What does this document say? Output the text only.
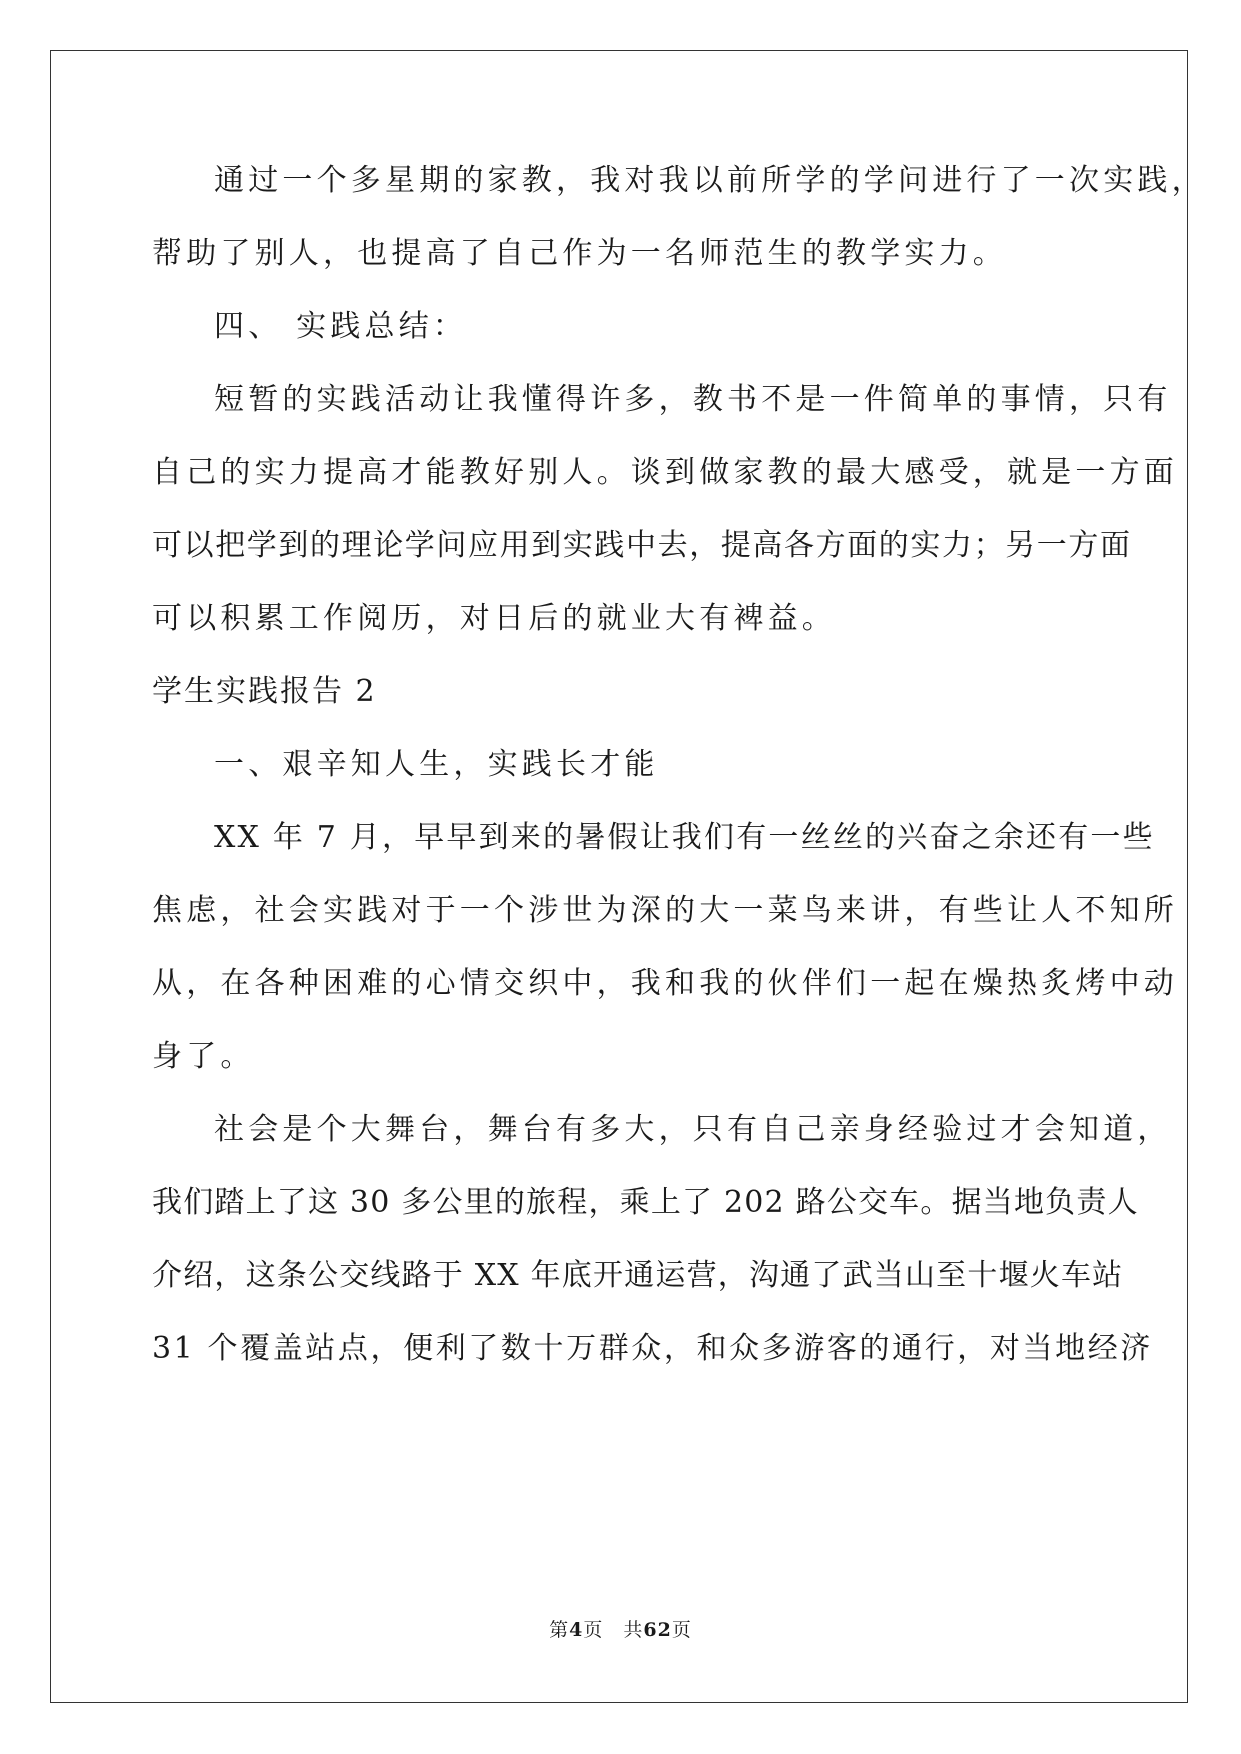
通过一个多星期的家教，我对我以前所学的学问进行了一次实践，
帮助了别人，也提高了自己作为一名师范生的教学实力。
四、 实践总结：
短暂的实践活动让我懂得许多，教书不是一件简单的事情，只有
自己的实力提高才能教好别人。谈到做家教的最大感受，就是一方面
可以把学到的理论学问应用到实践中去，提高各方面的实力；另一方面
可以积累工作阅历，对日后的就业大有裨益。
学生实践报告 2
一、艰辛知人生，实践长才能
XX 年 7 月，早早到来的暑假让我们有一丝丝的兴奋之余还有一些
焦虑，社会实践对于一个涉世为深的大一菜鸟来讲，有些让人不知所
从，在各种困难的心情交织中，我和我的伙伴们一起在燥热炙烤中动
身了。
社会是个大舞台，舞台有多大，只有自己亲身经验过才会知道，
我们踏上了这 30 多公里的旅程，乘上了 202 路公交车。据当地负责人
介绍，这条公交线路于 XX 年底开通运营，沟通了武当山至十堰火车站
31 个覆盖站点，便利了数十万群众，和众多游客的通行，对当地经济
第4页　共62页
